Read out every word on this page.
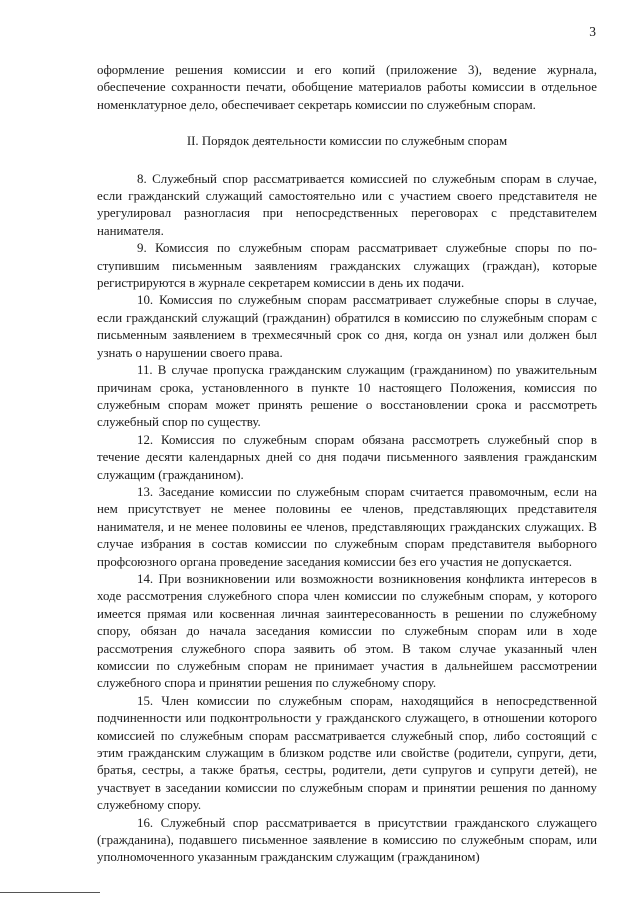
3

оформление решения комиссии и его копий (приложение 3), ведение журнала, обеспечение сохранности печати, обобщение материалов работы комиссии в отдельное номенклатурное дело, обеспечивает секретарь комиссии по служебным спорам.

II. Порядок деятельности комиссии по служебным спорам

8. Служебный спор рассматривается комиссией по служебным спорам в случае, если гражданский служащий самостоятельно или с участием своего представителя не урегулировал разногласия при непосредственных переговорах с представителем нанимателя.

9. Комиссия по служебным спорам рассматривает служебные споры по поступившим письменным заявлениям гражданских служащих (граждан), которые регистрируются в журнале секретарем комиссии в день их подачи.

10. Комиссия по служебным спорам рассматривает служебные споры в случае, если гражданский служащий (гражданин) обратился в комиссию по служебным спорам с письменным заявлением в трехмесячный срок со дня, когда он узнал или должен был узнать о нарушении своего права.

11. В случае пропуска гражданским служащим (гражданином) по уважительным причинам срока, установленного в пункте 10 настоящего Положения, комиссия по служебным спорам может принять решение о восстановлении срока и рассмотреть служебный спор по существу.

12. Комиссия по служебным спорам обязана рассмотреть служебный спор в течение десяти календарных дней со дня подачи письменного заявления гражданским служащим (гражданином).

13. Заседание комиссии по служебным спорам считается правомочным, если на нем присутствует не менее половины ее членов, представляющих представителя нанимателя, и не менее половины ее членов, представляющих гражданских служащих. В случае избрания в состав комиссии по служебным спорам представителя выборного профсоюзного органа проведение заседания комиссии без его участия не допускается.

14. При возникновении или возможности возникновения конфликта интересов в ходе рассмотрения служебного спора член комиссии по служебным спорам, у которого имеется прямая или косвенная личная заинтересованность в решении по служебному спору, обязан до начала заседания комиссии по служебным спорам или в ходе рассмотрения служебного спора заявить об этом. В таком случае указанный член комиссии по служебным спорам не принимает участия в дальнейшем рассмотрении служебного спора и принятии решения по служебному спору.

15. Член комиссии по служебным спорам, находящийся в непосредственной подчиненности или подконтрольности у гражданского служащего, в отношении которого комиссией по служебным спорам рассматривается служебный спор, либо состоящий с этим гражданским служащим в близком родстве или свойстве (родители, супруги, дети, братья, сестры, а также братья, сестры, родители, дети супругов и супруги детей), не участвует в заседании комиссии по служебным спорам и принятии решения по данному служебному спору.

16. Служебный спор рассматривается в присутствии гражданского служащего (гражданина), подавшего письменное заявление в комиссию по служебным спорам, или уполномоченного указанным гражданским служащим (гражданином)
